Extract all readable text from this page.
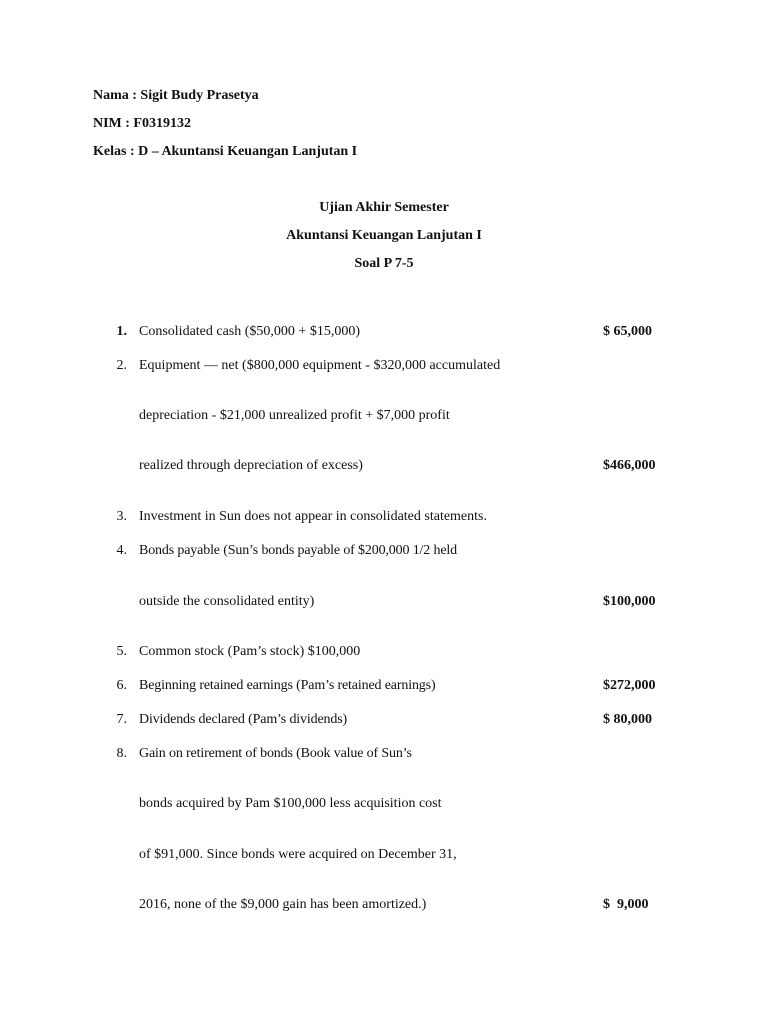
Nama : Sigit Budy Prasetya
NIM : F0319132
Kelas : D – Akuntansi Keuangan Lanjutan I
Ujian Akhir Semester
Akuntansi Keuangan Lanjutan I
Soal P 7-5
1. Consolidated cash ($50,000 + $15,000)	$ 65,000
2. Equipment — net ($800,000 equipment - $320,000 accumulated
depreciation - $21,000 unrealized profit + $7,000 profit
realized through depreciation of excess)	$466,000
3. Investment in Sun does not appear in consolidated statements.
4. Bonds payable (Sun’s bonds payable of $200,000 1/2 held
outside the consolidated entity)	$100,000
5. Common stock (Pam’s stock) $100,000
6. Beginning retained earnings (Pam’s retained earnings)	$272,000
7. Dividends declared (Pam’s dividends)	$ 80,000
8. Gain on retirement of bonds (Book value of Sun’s
bonds acquired by Pam $100,000 less acquisition cost
of $91,000. Since bonds were acquired on December 31,
2016, none of the $9,000 gain has been amortized.)	$  9,000
